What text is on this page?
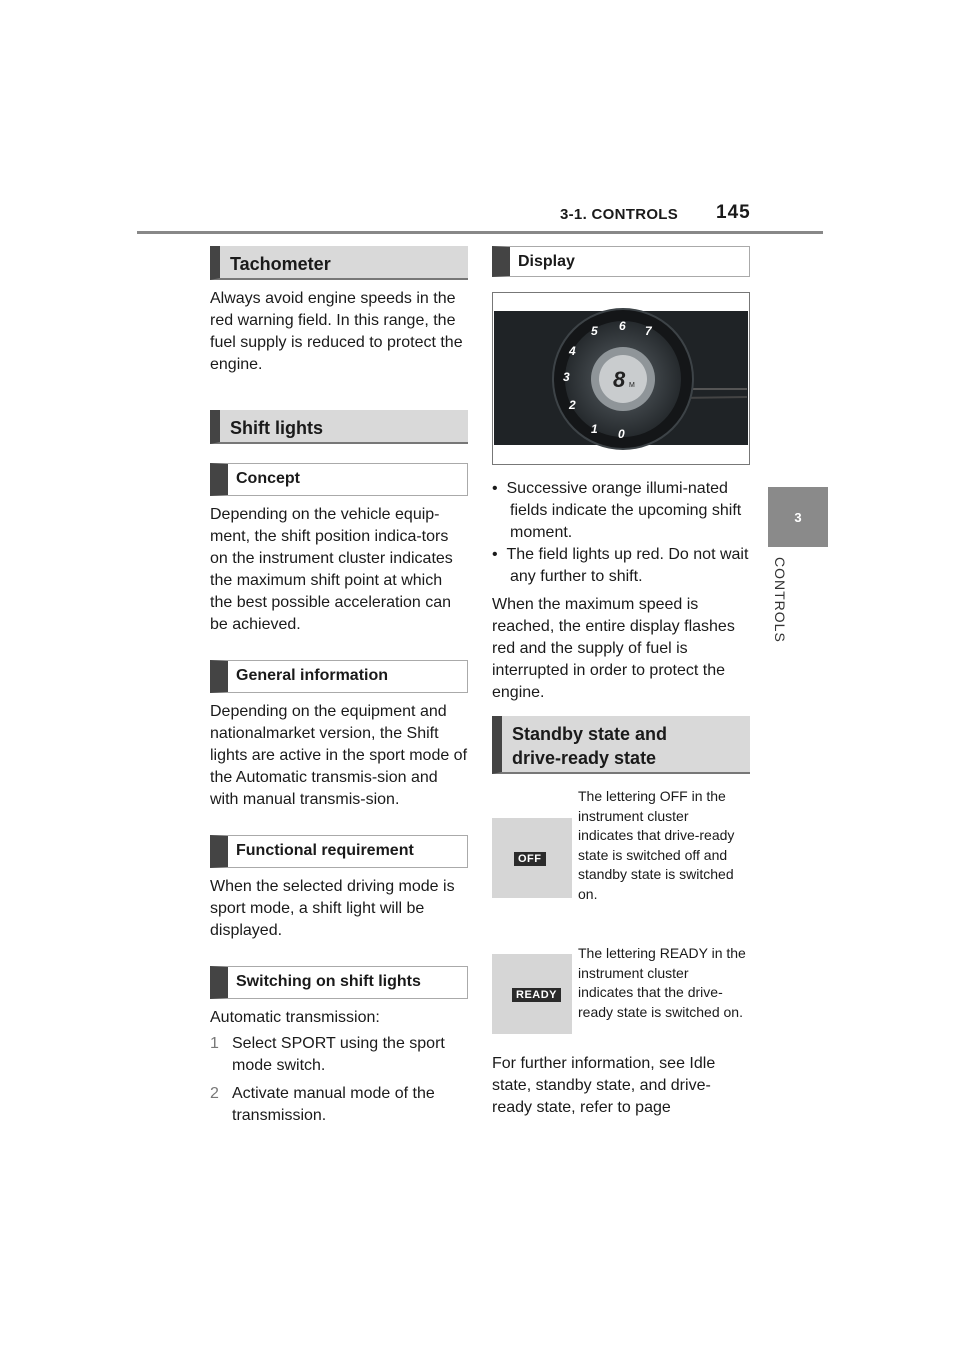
3-1. CONTROLS 145
3
CONTROLS
Tachometer

Always avoid engine speeds in the red warning field. In this range, the fuel supply is reduced to protect the engine.

Shift lights
Concept

Depending on the vehicle equip-ment, the shift position indica-tors on the instrument cluster indicates the maximum shift point at which the best possible acceleration can be achieved.

General information

Depending on the equipment and nationalmarket version, the Shift lights are active in the sport mode of the Automatic transmis-sion and with manual transmis-sion.

Functional requirement

When the selected driving mode is sport mode, a shift light will be displayed.

Switching on shift lights

Automatic transmission:

1 Select SPORT using the sport mode switch.

2 Activate manual mode of the transmission.

Display
1
2
3
4
5 6 7
0
8 M

•  Successive orange illumi-nated fields indicate the upcoming shift moment.

•  The field lights up red. Do not wait any further to shift.

When the maximum speed is reached, the entire display flashes red and the supply of fuel is interrupted in order to protect the engine.

Standby state and
drive-ready state
OFF
The lettering OFF in the instrument cluster indicates that drive-ready state is switched off and standby state is switched on.
READY
The lettering READY in the instrument cluster indicates that the drive-ready state is switched on.

For further information, see Idle state, standby state, and drive-ready state, refer to page
